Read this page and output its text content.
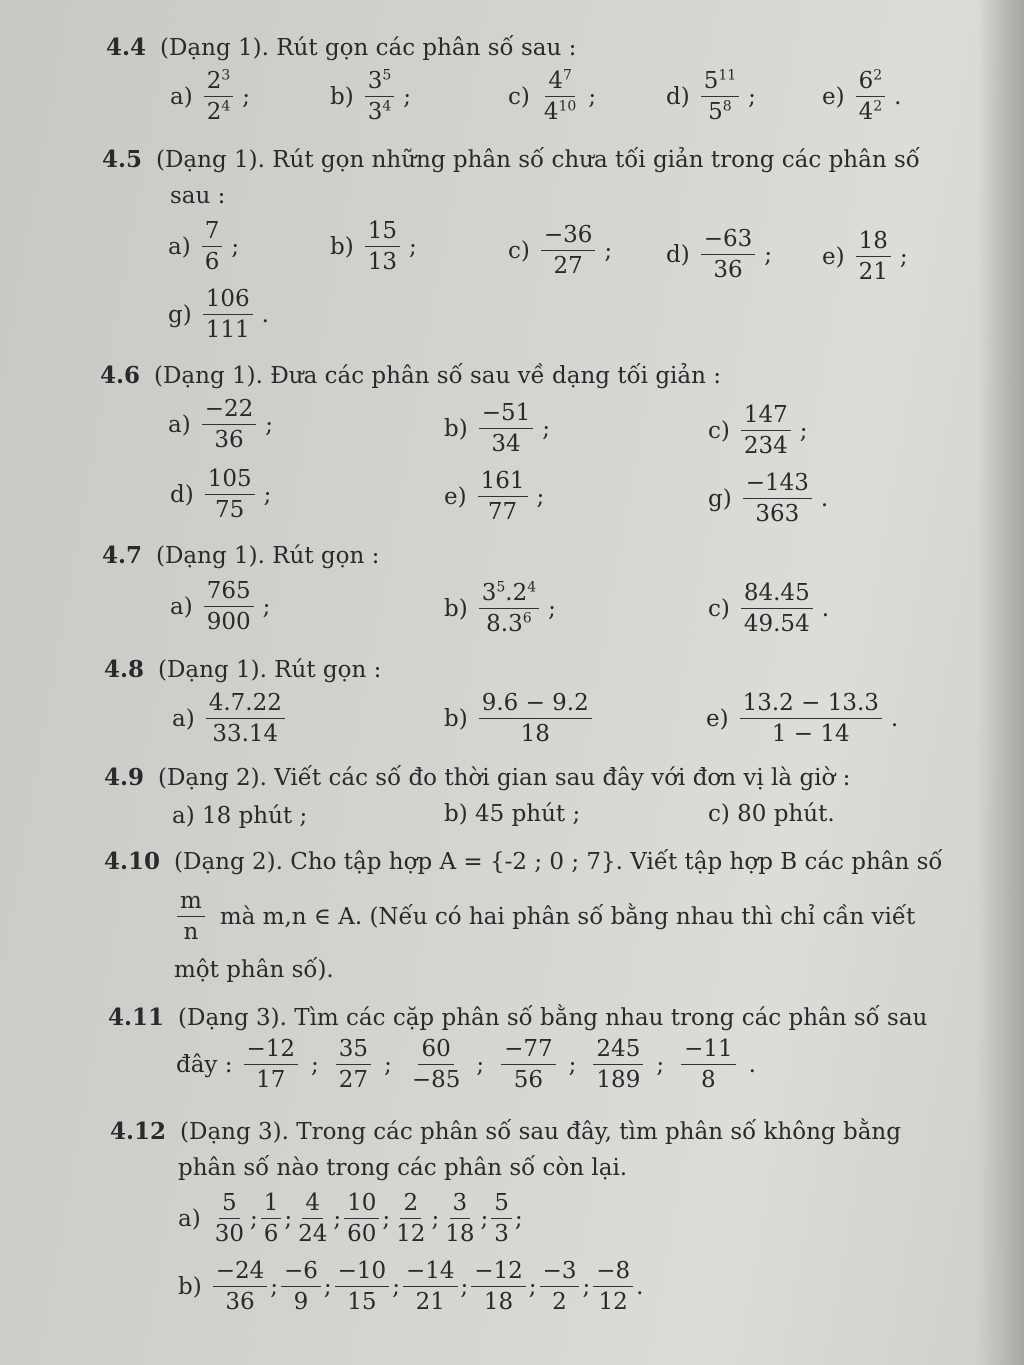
4.4 (Dạng 1). Rút gọn các phân số sau :
4.5 (Dạng 1). Rút gọn những phân số chưa tối giản trong các phân số
sau :
4.6 (Dạng 1). Đưa các phân số sau về dạng tối giản :
4.7 (Dạng 1). Rút gọn :
4.8 (Dạng 1). Rút gọn :
4.9 (Dạng 2). Viết các số đo thời gian sau đây với đơn vị là giờ :
4.10 (Dạng 2). Cho tập hợp A = {-2 ; 0 ; 7}. Viết tập hợp B các phân số
4.11 (Dạng 3). Tìm các cặp phân số bằng nhau trong các phân số sau
4.12 (Dạng 3). Trong các phân số sau đây, tìm phân số không bằng
phân số nào trong các phân số còn lại.
$a) \frac{2^3}{2^4}$ ;	$b) \frac{3^5}{3^4}$ ;	$c) \frac{4^7}{4^{10}}$ ;	$d) \frac{5^{11}}{5^8}$ ;	$e) \frac{6^2}{4^2}$ .
$a) \frac{7}{6}$ ;	$b) \frac{15}{13}$ ;	$c) \frac{-36}{27}$ ; $d) \frac{-63}{36}$ ; $e) \frac{18}{21}$ ;
$g) \frac{106}{111}$ .
$a) \frac{-22}{36}$ ;	$b) \frac{-51}{34}$ ;	$c) \frac{147}{234}$ ;
$d) \frac{105}{75}$ ;	$e) \frac{161}{77}$ ;	$g) \frac{-143}{363}$ .
$a) \frac{765}{900}$ ;	$b) \frac{3^5.2^4}{8.3^6}$ ;	$c) \frac{84.45}{49.54}$ .
$a) \frac{4.7.22}{33.14}$	$b) \frac{9.6 - 9.2}{18}$	$e) \frac{13.2 - 13.3}{1 - 14}$ .
a) 18 phút ;	b) 45 phút ;	c) 80 phút.
$\frac{m}{n}$ mà m,n ∈ A. (Nếu có hai phân số bằng nhau thì chỉ cần viết
một phân số).
đây : $\frac{-12}{17}$ ; $\frac{35}{27}$ ; $\frac{60}{-85}$ ; $\frac{-77}{56}$ ; $\frac{245}{189}$ ; $\frac{-11}{8}$ .
$a) \frac{5}{30}$ ; $\frac{1}{6}$ ; $\frac{4}{24}$ ; $\frac{10}{60}$ ; $\frac{2}{12}$ ; $\frac{3}{18}$ ; $\frac{5}{3}$ ;
$b) \frac{-24}{36}$ ; $\frac{-6}{9}$ ; $\frac{-10}{15}$ ; $\frac{-14}{21}$ ; $\frac{-12}{18}$ ; $\frac{-3}{2}$ ; $\frac{-8}{12}$ .
